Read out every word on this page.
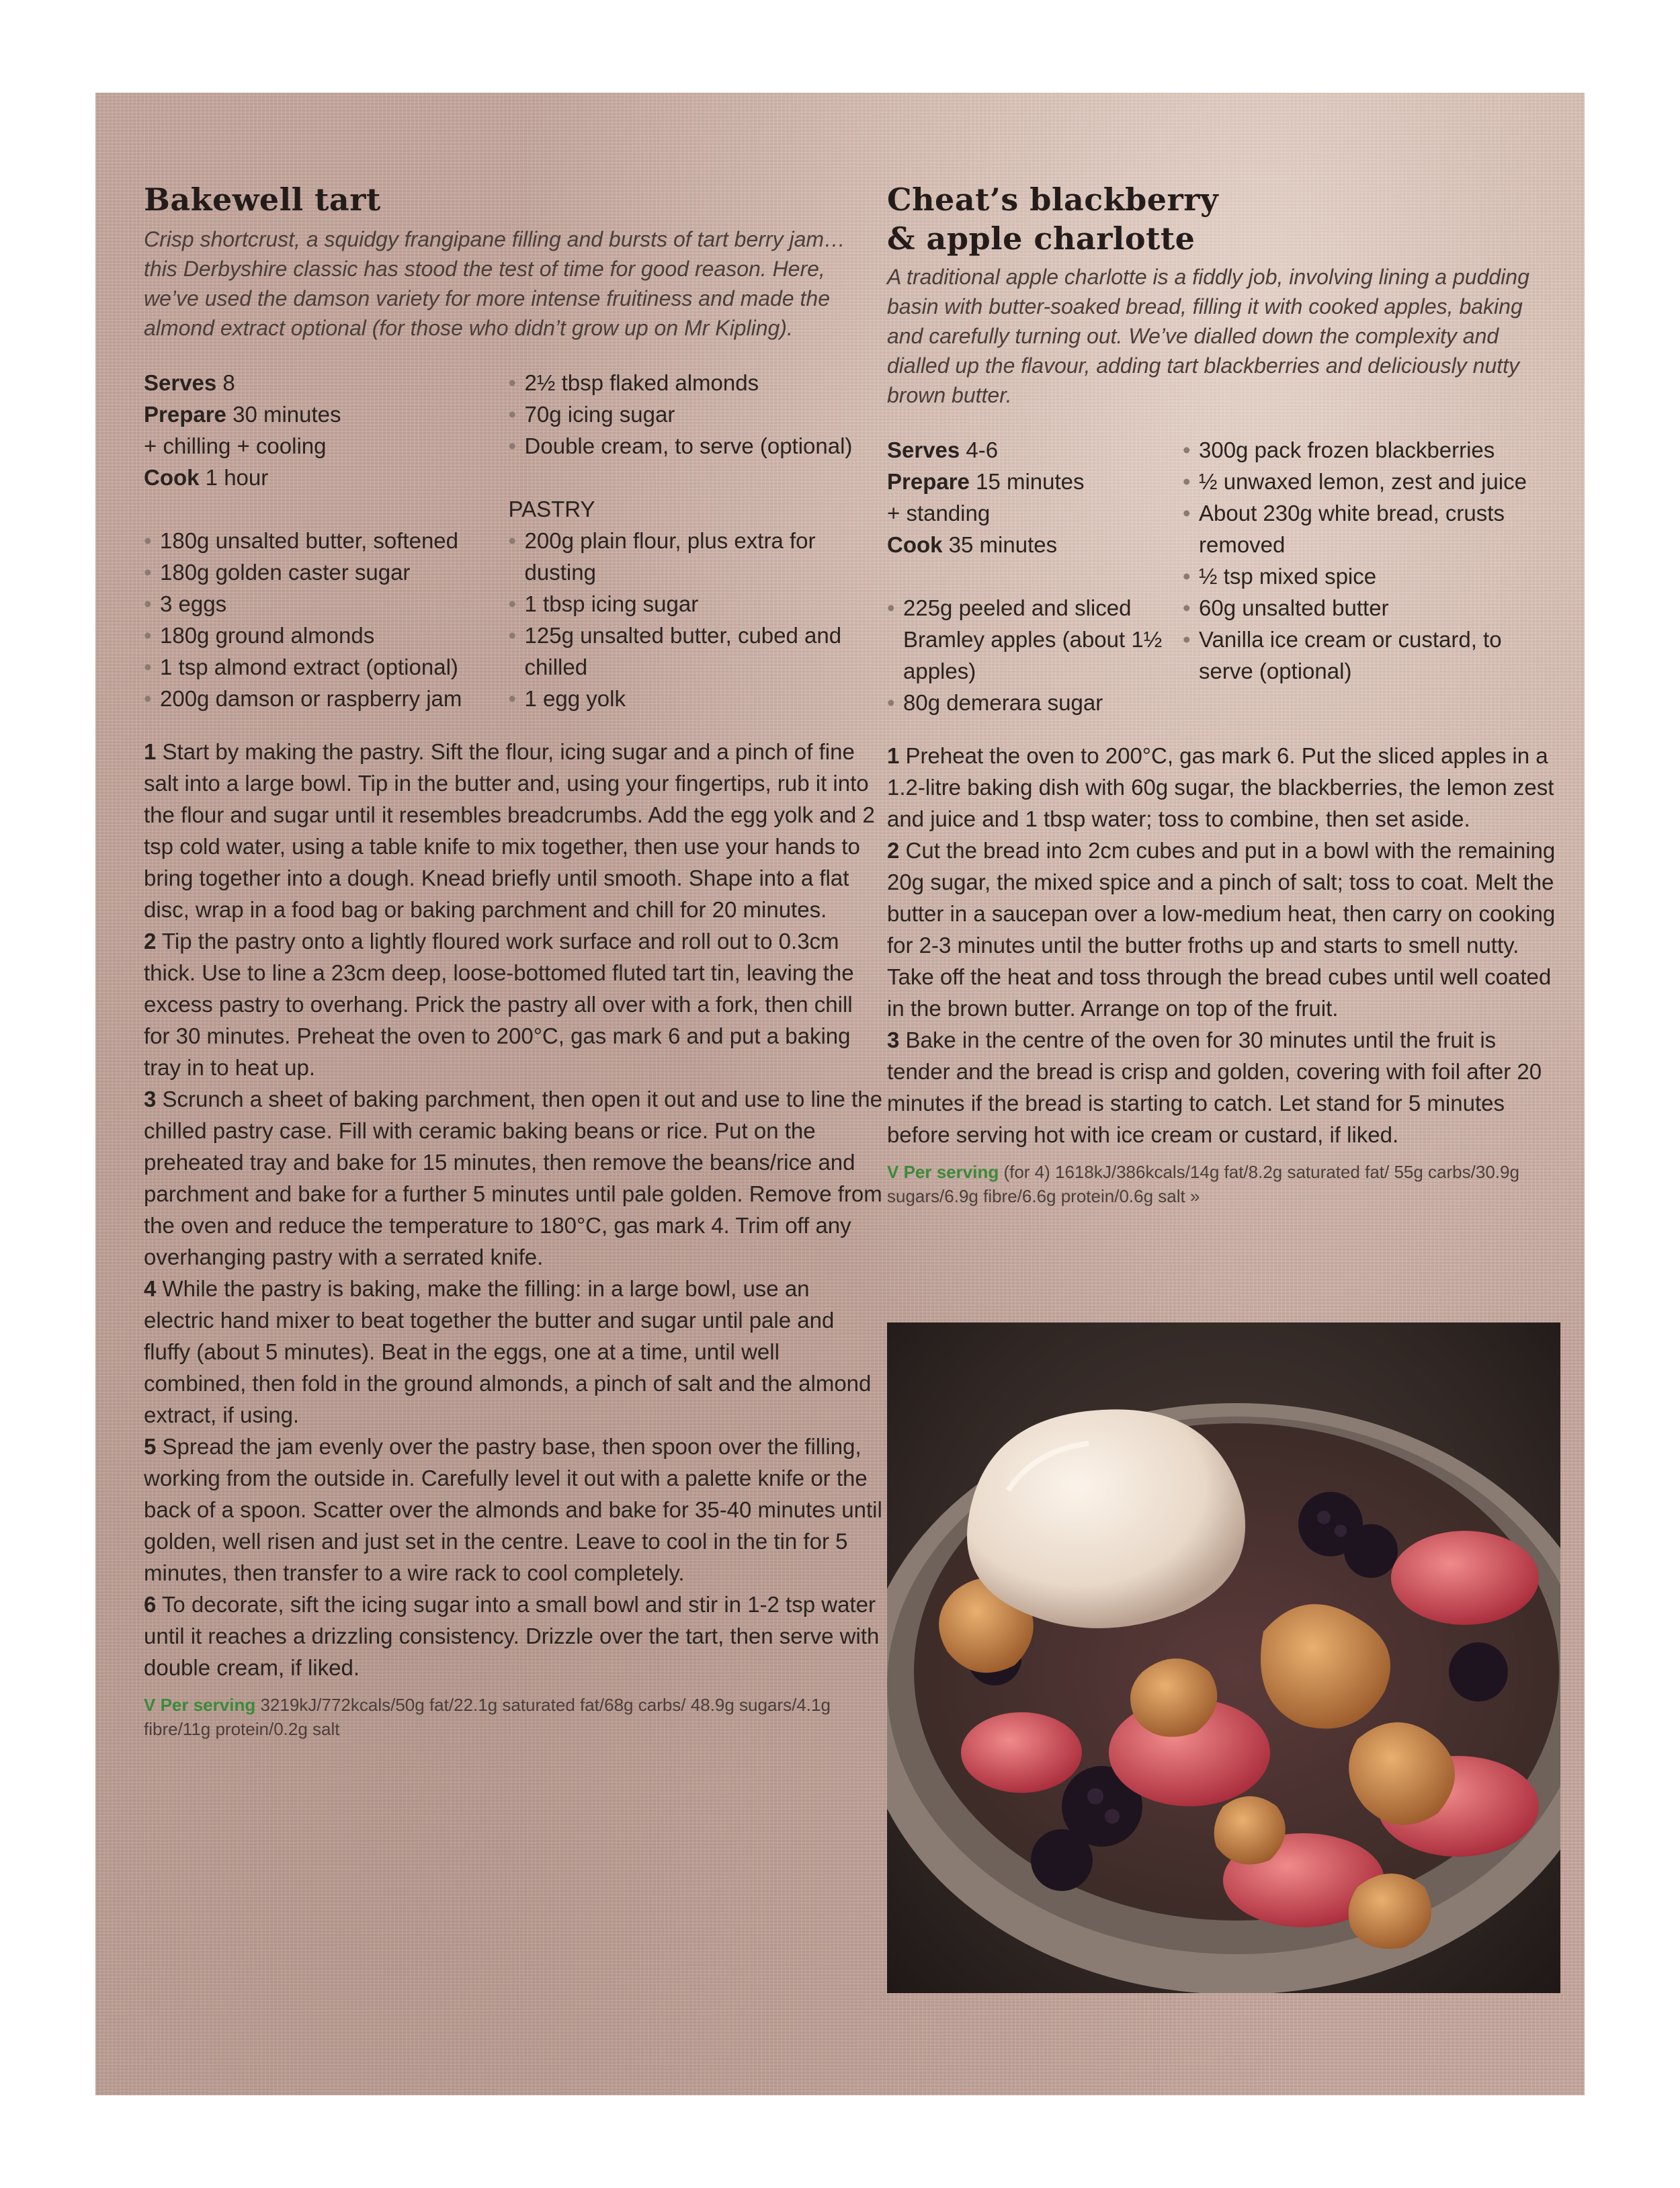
Bakewell tart

Crisp shortcrust, a squidgy frangipane filling and bursts of tart berry jam… this Derbyshire classic has stood the test of time for good reason. Here, we’ve used the damson variety for more intense fruitiness and made the almond extract optional (for those who didn’t grow up on Mr Kipling).

Serves 8
Prepare 30 minutes
+ chilling + cooling
Cook 1 hour
• 180g unsalted butter, softened
• 180g golden caster sugar
• 3 eggs
• 180g ground almonds
• 1 tsp almond extract (optional)
• 200g damson or raspberry jam
• 2½ tbsp flaked almonds
• 70g icing sugar
• Double cream, to serve (optional)
PASTRY
• 200g plain flour, plus extra for dusting
• 1 tbsp icing sugar
• 125g unsalted butter, cubed and chilled
• 1 egg yolk

1 Start by making the pastry. Sift the flour, icing sugar and a pinch of fine salt into a large bowl. Tip in the butter and, using your fingertips, rub it into the flour and sugar until it resembles breadcrumbs. Add the egg yolk and 2 tsp cold water, using a table knife to mix together, then use your hands to bring together into a dough. Knead briefly until smooth. Shape into a flat disc, wrap in a food bag or baking parchment and chill for 20 minutes.

2 Tip the pastry onto a lightly floured work surface and roll out to 0.3cm thick. Use to line a 23cm deep, loose-bottomed fluted tart tin, leaving the excess pastry to overhang. Prick the pastry all over with a fork, then chill for 30 minutes. Preheat the oven to 200°C, gas mark 6 and put a baking tray in to heat up.

3 Scrunch a sheet of baking parchment, then open it out and use to line the chilled pastry case. Fill with ceramic baking beans or rice. Put on the preheated tray and bake for 15 minutes, then remove the beans/rice and parchment and bake for a further 5 minutes until pale golden. Remove from the oven and reduce the temperature to 180°C, gas mark 4. Trim off any overhanging pastry with a serrated knife.

4 While the pastry is baking, make the filling: in a large bowl, use an electric hand mixer to beat together the butter and sugar until pale and fluffy (about 5 minutes). Beat in the eggs, one at a time, until well combined, then fold in the ground almonds, a pinch of salt and the almond extract, if using.

5 Spread the jam evenly over the pastry base, then spoon over the filling, working from the outside in. Carefully level it out with a palette knife or the back of a spoon. Scatter over the almonds and bake for 35-40 minutes until golden, well risen and just set in the centre. Leave to cool in the tin for 5 minutes, then transfer to a wire rack to cool completely.

6 To decorate, sift the icing sugar into a small bowl and stir in 1-2 tsp water until it reaches a drizzling consistency. Drizzle over the tart, then serve with double cream, if liked.

V Per serving 3219kJ/772kcals/50g fat/22.1g saturated fat/68g carbs/ 48.9g sugars/4.1g fibre/11g protein/0.2g salt
Cheat’s blackberry
& apple charlotte

A traditional apple charlotte is a fiddly job, involving lining a pudding basin with butter-soaked bread, filling it with cooked apples, baking and carefully turning out. We’ve dialled down the complexity and dialled up the flavour, adding tart blackberries and deliciously nutty brown butter.

Serves 4-6
Prepare 15 minutes
+ standing
Cook 35 minutes
• 225g peeled and sliced Bramley apples (about 1½ apples)
• 80g demerara sugar
• 300g pack frozen blackberries
• ½ unwaxed lemon, zest and juice
• About 230g white bread, crusts removed
• ½ tsp mixed spice
• 60g unsalted butter
• Vanilla ice cream or custard, to serve (optional)

1 Preheat the oven to 200°C, gas mark 6. Put the sliced apples in a 1.2-litre baking dish with 60g sugar, the blackberries, the lemon zest and juice and 1 tbsp water; toss to combine, then set aside.

2 Cut the bread into 2cm cubes and put in a bowl with the remaining 20g sugar, the mixed spice and a pinch of salt; toss to coat. Melt the butter in a saucepan over a low-medium heat, then carry on cooking for 2-3 minutes until the butter froths up and starts to smell nutty. Take off the heat and toss through the bread cubes until well coated in the brown butter. Arrange on top of the fruit.

3 Bake in the centre of the oven for 30 minutes until the fruit is tender and the bread is crisp and golden, covering with foil after 20 minutes if the bread is starting to catch. Let stand for 5 minutes before serving hot with ice cream or custard, if liked.

V Per serving (for 4) 1618kJ/386kcals/14g fat/8.2g saturated fat/ 55g carbs/30.9g sugars/6.9g fibre/6.6g protein/0.6g salt »
